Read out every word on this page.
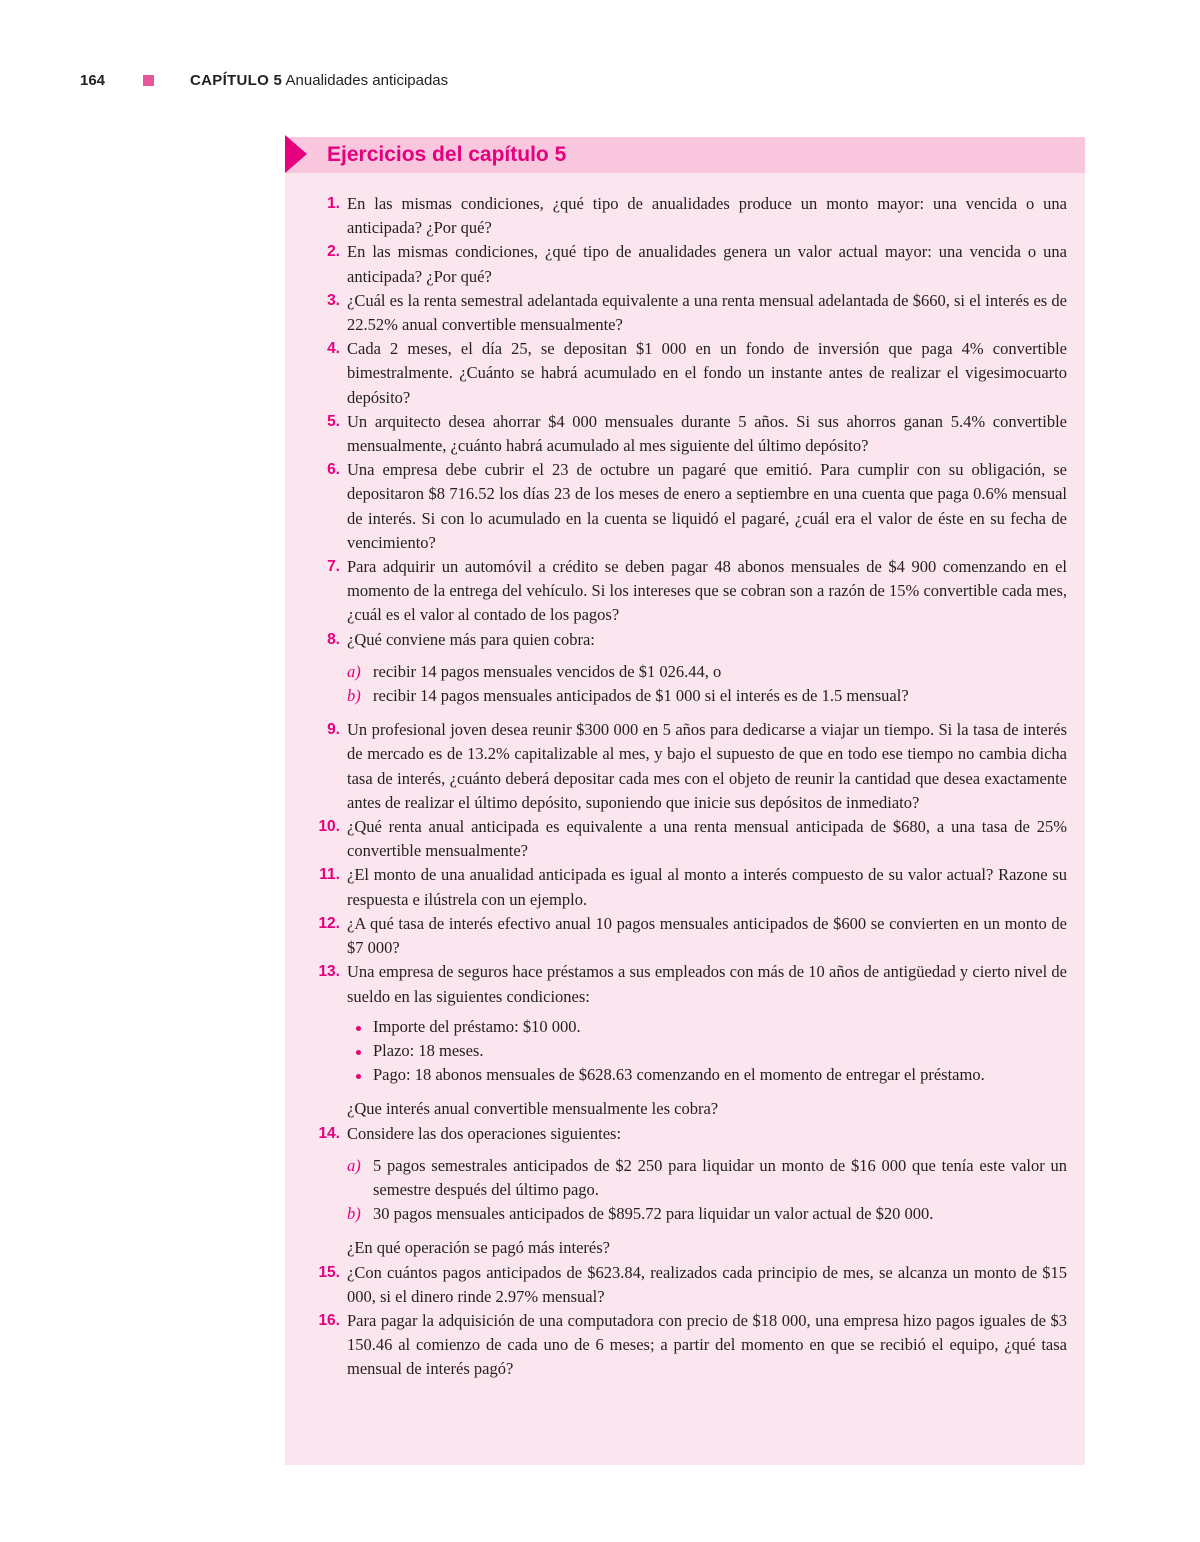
164	CAPÍTULO 5 Anualidades anticipadas
Ejercicios del capítulo 5
1. En las mismas condiciones, ¿qué tipo de anualidades produce un monto mayor: una vencida o una anticipada? ¿Por qué?

2. En las mismas condiciones, ¿qué tipo de anualidades genera un valor actual mayor: una vencida o una anticipada? ¿Por qué?

3. ¿Cuál es la renta semestral adelantada equivalente a una renta mensual adelantada de $660, si el interés es de 22.52% anual convertible mensualmente?

4. Cada 2 meses, el día 25, se depositan $1 000 en un fondo de inversión que paga 4% convertible bimestralmente. ¿Cuánto se habrá acumulado en el fondo un instante antes de realizar el vigesimocuarto depósito?

5. Un arquitecto desea ahorrar $4 000 mensuales durante 5 años. Si sus ahorros ganan 5.4% convertible mensualmente, ¿cuánto habrá acumulado al mes siguiente del último depósito?

6. Una empresa debe cubrir el 23 de octubre un pagaré que emitió. Para cumplir con su obligación, se depositaron $8 716.52 los días 23 de los meses de enero a septiembre en una cuenta que paga 0.6% mensual de interés. Si con lo acumulado en la cuenta se liquidó el pagaré, ¿cuál era el valor de éste en su fecha de vencimiento?

7. Para adquirir un automóvil a crédito se deben pagar 48 abonos mensuales de $4 900 comenzando en el momento de la entrega del vehículo. Si los intereses que se cobran son a razón de 15% convertible cada mes, ¿cuál es el valor al contado de los pagos?

8. ¿Qué conviene más para quien cobra:

a) recibir 14 pagos mensuales vencidos de $1 026.44, o
b) recibir 14 pagos mensuales anticipados de $1 000 si el interés es de 1.5 mensual?
9. Un profesional joven desea reunir $300 000 en 5 años para dedicarse a viajar un tiempo. Si la tasa de interés de mercado es de 13.2% capitalizable al mes, y bajo el supuesto de que en todo ese tiempo no cambia dicha tasa de interés, ¿cuánto deberá depositar cada mes con el objeto de reunir la cantidad que desea exactamente antes de realizar el último depósito, suponiendo que inicie sus depósitos de inmediato?

10. ¿Qué renta anual anticipada es equivalente a una renta mensual anticipada de $680, a una tasa de 25% convertible mensualmente?

11. ¿El monto de una anualidad anticipada es igual al monto a interés compuesto de su valor actual? Razone su respuesta e ilústrela con un ejemplo.

12. ¿A qué tasa de interés efectivo anual 10 pagos mensuales anticipados de $600 se convierten en un monto de $7 000?

13. Una empresa de seguros hace préstamos a sus empleados con más de 10 años de antigüedad y cierto nivel de sueldo en las siguientes condiciones:

Importe del préstamo: $10 000.
Plazo: 18 meses.
Pago: 18 abonos mensuales de $628.63 comenzando en el momento de entregar el préstamo.

¿Que interés anual convertible mensualmente les cobra?

14. Considere las dos operaciones siguientes:

a) 5 pagos semestrales anticipados de $2 250 para liquidar un monto de $16 000 que tenía este valor un semestre después del último pago.
b) 30 pagos mensuales anticipados de $895.72 para liquidar un valor actual de $20 000.

¿En qué operación se pagó más interés?

15. ¿Con cuántos pagos anticipados de $623.84, realizados cada principio de mes, se alcanza un monto de $15 000, si el dinero rinde 2.97% mensual?

16. Para pagar la adquisición de una computadora con precio de $18 000, una empresa hizo pagos iguales de $3 150.46 al comienzo de cada uno de 6 meses; a partir del momento en que se recibió el equipo, ¿qué tasa mensual de interés pagó?
